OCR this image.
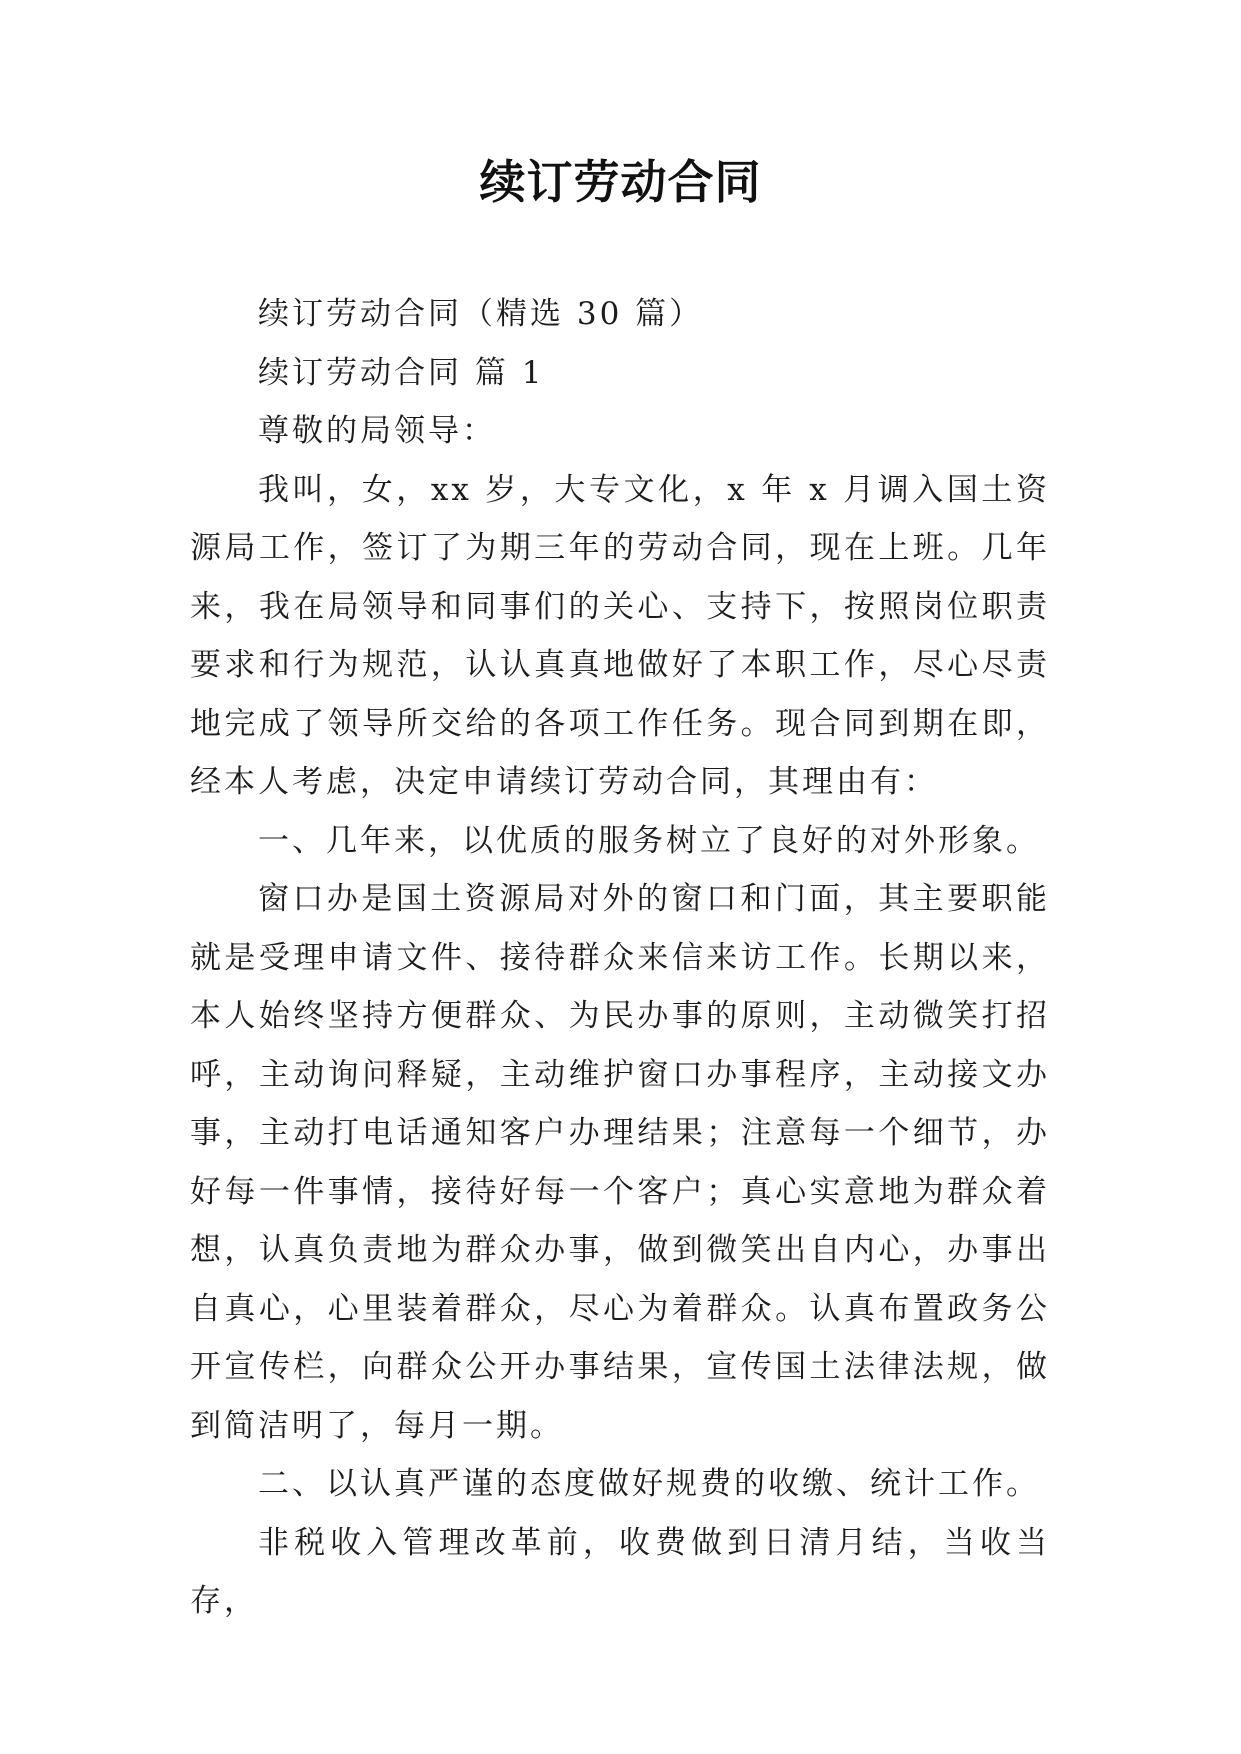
续订劳动合同

续订劳动合同（精选 30 篇）

续订劳动合同 篇 1

尊敬的局领导：

我叫，女，xx 岁，大专文化，x 年 x 月调入国土资源局工作，签订了为期三年的劳动合同，现在上班。几年来，我在局领导和同事们的关心、支持下，按照岗位职责要求和行为规范，认认真真地做好了本职工作，尽心尽责地完成了领导所交给的各项工作任务。现合同到期在即，经本人考虑，决定申请续订劳动合同，其理由有：

一、几年来，以优质的服务树立了良好的对外形象。

窗口办是国土资源局对外的窗口和门面，其主要职能就是受理申请文件、接待群众来信来访工作。长期以来，本人始终坚持方便群众、为民办事的原则，主动微笑打招呼，主动询问释疑，主动维护窗口办事程序，主动接文办事，主动打电话通知客户办理结果；注意每一个细节，办好每一件事情，接待好每一个客户；真心实意地为群众着想，认真负责地为群众办事，做到微笑出自内心，办事出自真心，心里装着群众，尽心为着群众。认真布置政务公开宣传栏，向群众公开办事结果，宣传国土法律法规，做到简洁明了，每月一期。

二、以认真严谨的态度做好规费的收缴、统计工作。

非税收入管理改革前，收费做到日清月结，当收当存，
